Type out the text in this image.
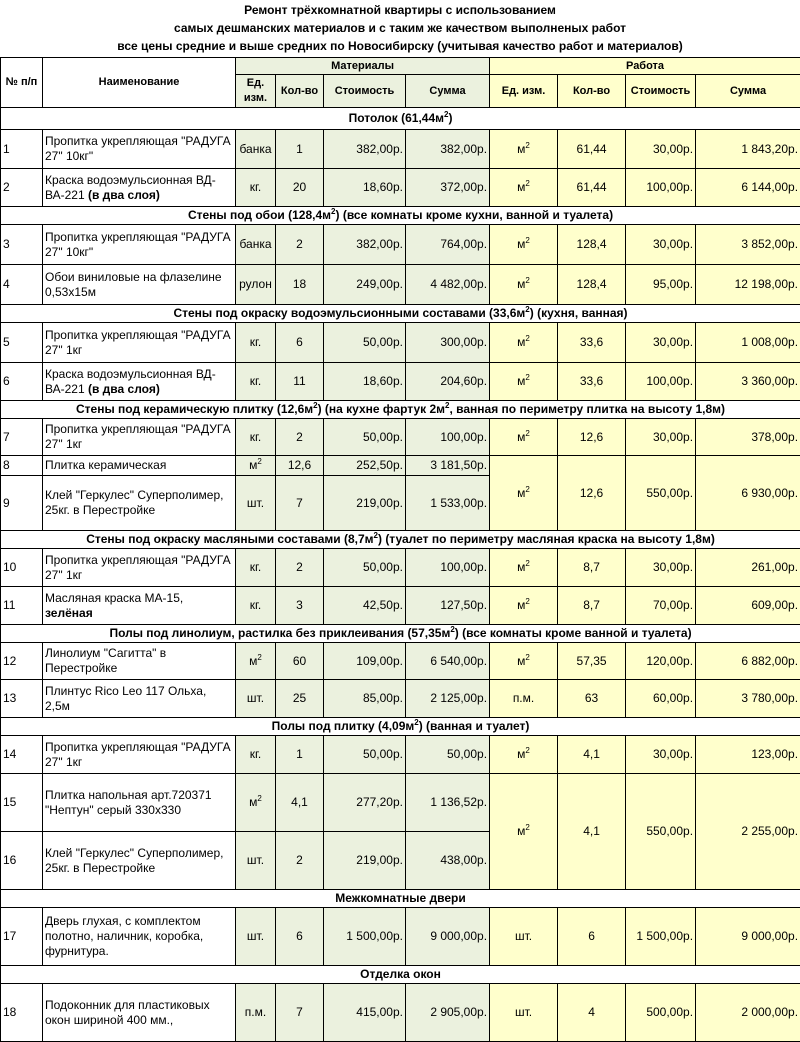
Ремонт трёхкомнатной квартиры с использованием
самых дешманских материалов и с таким же качеством выполненых работ
все цены средние и выше средних по Новосибирску (учитывая качество работ и материалов)
№ п/п	Наименование	Материалы				Работа			
		Ед. изм.	Кол-во	Стоимость	Сумма	Ед. изм.	Кол-во	Стоимость	Сумма
Потолок $(61,44м^2)$									
1	Пропитка укрепляющая "РАДУГА 27" 10кг"	банка	1	382,00р.	382,00р.	$м^2$	61,44	30,00р.	1 843,20р.
2	Краска водоэмульсионная ВД-ВА-221 (в два слоя)	кг.	20	18,60р.	372,00р.	$м^2$	61,44	100,00р.	6 144,00р.
Стены под обои $(128,4м^2)$ (все комнаты кроме кухни, ванной и туалета)									
3	Пропитка укрепляющая "РАДУГА 27" 10кг"	банка	2	382,00р.	764,00р.	$м^2$	128,4	30,00р.	3 852,00р.
4	Обои виниловые на флазелине 0,53х15м	рулон	18	249,00р.	4 482,00р.	$м^2$	128,4	95,00р.	12 198,00р.
Стены под окраску водоэмульсионными составами $(33,6м^2)$ (кухня, ванная)									
5	Пропитка укрепляющая "РАДУГА 27" 1кг	кг.	6	50,00р.	300,00р.	$м^2$	33,6	30,00р.	1 008,00р.
6	Краска водоэмульсионная ВД-ВА-221 (в два слоя)	кг.	11	18,60р.	204,60р.	$м^2$	33,6	100,00р.	3 360,00р.
Стены под керамическую плитку $(12,6м^2)$ (на кухне фартук $2м^2$, ванная по периметру плитка на высоту 1,8м)									
7	Пропитка укрепляющая "РАДУГА 27" 1кг	кг.	2	50,00р.	100,00р.	$м^2$	12,6	30,00р.	378,00р.
8	Плитка керамическая	$м^2$	12,6	252,50р.	3 181,50р.	$м^2$	12,6	550,00р.	6 930,00р.
9	Клей "Геркулес" Суперполимер, 25кг. в Перестройке	шт.	7	219,00р.	1 533,00р.				
Стены под окраску масляными составами $(8,7м^2)$ (туалет по периметру масляная краска на высоту 1,8м)									
10	Пропитка укрепляющая "РАДУГА 27" 1кг	кг.	2	50,00р.	100,00р.	$м^2$	8,7	30,00р.	261,00р.
11	Масляная краска МА-15, зелёная	кг.	3	42,50р.	127,50р.	$м^2$	8,7	70,00р.	609,00р.
Полы под линолиум, растилка без приклеивания $(57,35м^2)$ (все комнаты кроме ванной и туалета)									
12	Линолиум "Сагитта" в Перестройке	$м^2$	60	109,00р.	6 540,00р.	$м^2$	57,35	120,00р.	6 882,00р.
13	Плинтус Rico Leo 117 Ольха, 2,5м	шт.	25	85,00р.	2 125,00р.	п.м.	63	60,00р.	3 780,00р.
Полы под плитку $(4,09м^2)$ (ванная и туалет)									
14	Пропитка укрепляющая "РАДУГА 27" 1кг	кг.	1	50,00р.	50,00р.	$м^2$	4,1	30,00р.	123,00р.
15	Плитка напольная арт.720371 "Нептун" серый 330х330	$м^2$	4,1	277,20р.	1 136,52р.	$м^2$	4,1	550,00р.	2 255,00р.
16	Клей "Геркулес" Суперполимер, 25кг. в Перестройке	шт.	2	219,00р.	438,00р.				
Межкомнатные двери									
17	Дверь глухая, с комплектом полотно, наличник, коробка, фурнитура.	шт.	6	1 500,00р.	9 000,00р.	шт.	6	1 500,00р.	9 000,00р.
Отделка окон									
18	Подоконник для пластиковых окон шириной 400 мм.,	п.м.	7	415,00р.	2 905,00р.	шт.	4	500,00р.	2 000,00р.
